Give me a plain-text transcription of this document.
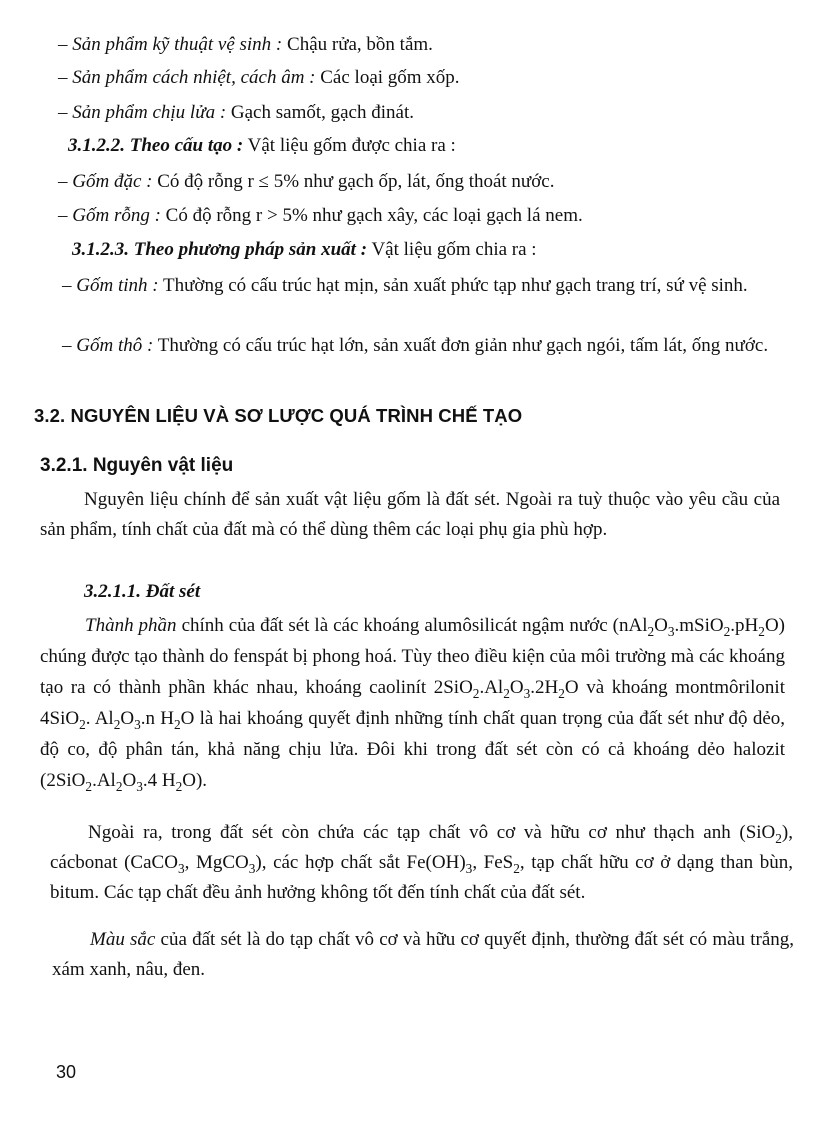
– Sản phẩm kỹ thuật vệ sinh : Chậu rửa, bồn tắm.
– Sản phẩm cách nhiệt, cách âm : Các loại gốm xốp.
– Sản phẩm chịu lửa : Gạch samốt, gạch đinát.
3.1.2.2. Theo cấu tạo : Vật liệu gốm được chia ra :
– Gốm đặc : Có độ rỗng r ≤ 5% như gạch ốp, lát, ống thoát nước.
– Gốm rỗng : Có độ rỗng r > 5% như gạch xây, các loại gạch lá nem.
3.1.2.3. Theo phương pháp sản xuất : Vật liệu gốm chia ra :

– Gốm tinh : Thường có cấu trúc hạt mịn, sản xuất phức tạp như gạch trang trí, sứ vệ sinh.

– Gốm thô : Thường có cấu trúc hạt lớn, sản xuất đơn giản như gạch ngói, tấm lát, ống nước.

3.2. NGUYÊN LIỆU VÀ SƠ LƯỢC QUÁ TRÌNH CHẾ TẠO
3.2.1. Nguyên vật liệu

Nguyên liệu chính để sản xuất vật liệu gốm là đất sét. Ngoài ra tuỳ thuộc vào yêu cầu của sản phẩm, tính chất của đất mà có thể dùng thêm các loại phụ gia phù hợp.

3.2.1.1. Đất sét

Thành phần chính của đất sét là các khoáng alumôsilicát ngậm nước $(nAl_2O_3.mSiO_2.pH_2O)$ chúng được tạo thành do fenspát bị phong hoá. Tùy theo điều kiện của môi trường mà các khoáng tạo ra có thành phần khác nhau, khoáng caolinít $2SiO_2.Al_2O_3.2H_2O$ và khoáng montmôrilonit 4SiO$_2$. $Al_2O_3.n$ $H_2O$ là hai khoáng quyết định những tính chất quan trọng của đất sét như độ dẻo, độ co, độ phân tán, khả năng chịu lửa. Đôi khi trong đất sét còn có cả khoáng dẻo halozit ($2SiO_2.Al_2O_3.4$ $H_2O$).

Ngoài ra, trong đất sét còn chứa các tạp chất vô cơ và hữu cơ như thạch anh (SiO$_2$), cácbonat (CaCO$_3$, MgCO$_3$), các hợp chất sắt $Fe(OH)_3$, FeS$_2$, tạp chất hữu cơ ở dạng than bùn, bitum. Các tạp chất đều ảnh hưởng không tốt đến tính chất của đất sét.

Màu sắc của đất sét là do tạp chất vô cơ và hữu cơ quyết định, thường đất sét có màu trắng, xám xanh, nâu, đen.

30
